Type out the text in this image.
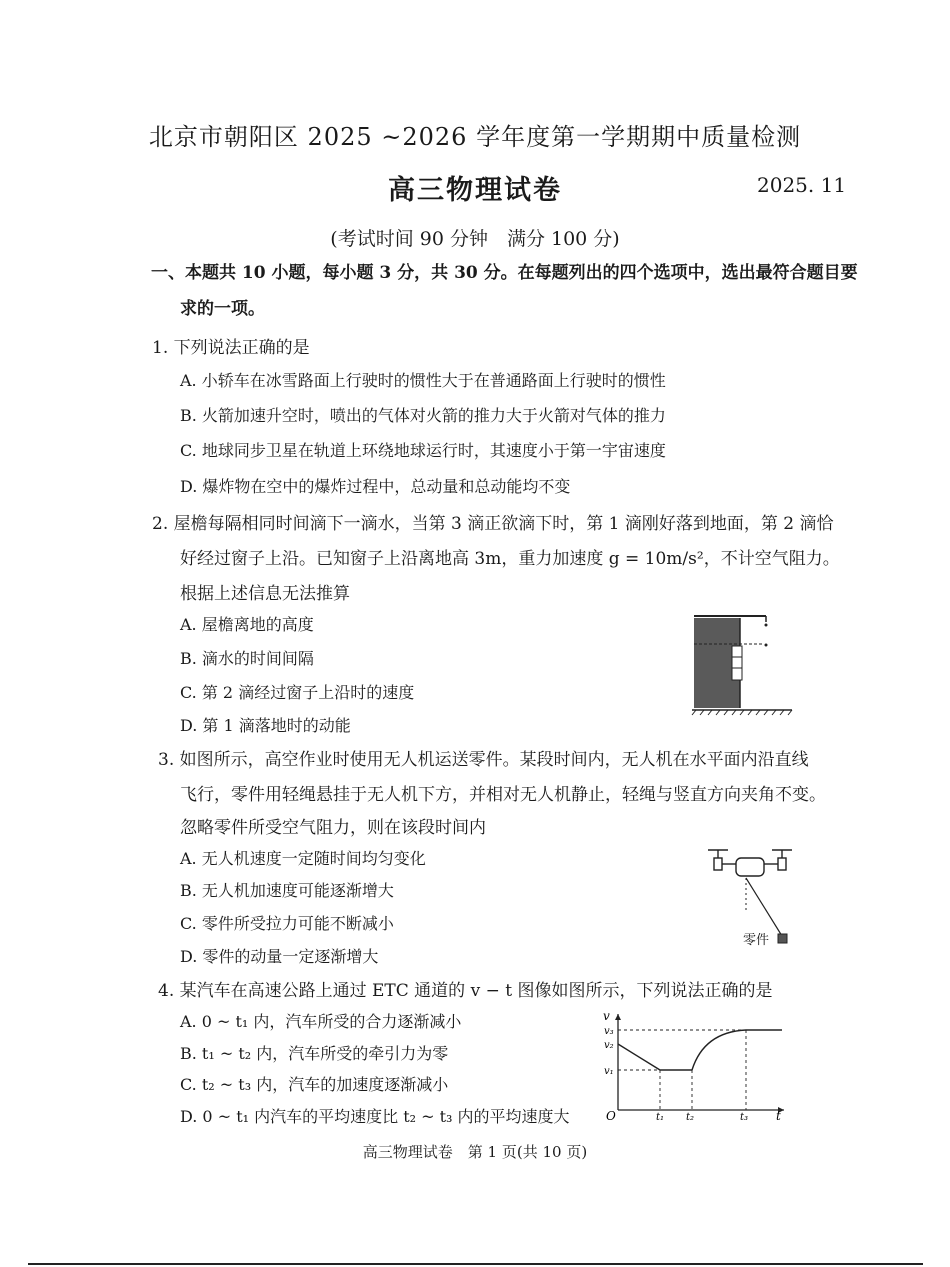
北京市朝阳区 2025 ~2026 学年度第一学期期中质量检测
高三物理试卷	2025. 11
(考试时间 90 分钟　满分 100 分)
一、本题共 10 小题，每小题 3 分，共 30 分。在每题列出的四个选项中，选出最符合题目要
求的一项。
1. 下列说法正确的是
A. 小轿车在冰雪路面上行驶时的惯性大于在普通路面上行驶时的惯性
B. 火箭加速升空时，喷出的气体对火箭的推力大于火箭对气体的推力
C. 地球同步卫星在轨道上环绕地球运行时，其速度小于第一宇宙速度
D. 爆炸物在空中的爆炸过程中，总动量和总动能均不变
2. 屋檐每隔相同时间滴下一滴水，当第 3 滴正欲滴下时，第 1 滴刚好落到地面，第 2 滴恰
好经过窗子上沿。已知窗子上沿离地高 3m，重力加速度 g = 10m/s²，不计空气阻力。
根据上述信息无法推算
A. 屋檐离地的高度
B. 滴水的时间间隔
C. 第 2 滴经过窗子上沿时的速度
D. 第 1 滴落地时的动能
3. 如图所示，高空作业时使用无人机运送零件。某段时间内，无人机在水平面内沿直线
飞行，零件用轻绳悬挂于无人机下方，并相对无人机静止，轻绳与竖直方向夹角不变。
忽略零件所受空气阻力，则在该段时间内
A. 无人机速度一定随时间均匀变化
B. 无人机加速度可能逐渐增大
C. 零件所受拉力可能不断减小
D. 零件的动量一定逐渐增大
零件
4. 某汽车在高速公路上通过 ETC 通道的 v − t 图像如图所示，下列说法正确的是
A. 0 ~ t₁ 内，汽车所受的合力逐渐减小
B. t₁ ~ t₂ 内，汽车所受的牵引力为零
C. t₂ ~ t₃ 内，汽车的加速度逐渐减小
D. 0 ~ t₁ 内汽车的平均速度比 t₂ ~ t₃ 内的平均速度大
v
t
O
v₃
v₂
v₁
t₁ t₂	t₃
高三物理试卷　第 1 页(共 10 页)
